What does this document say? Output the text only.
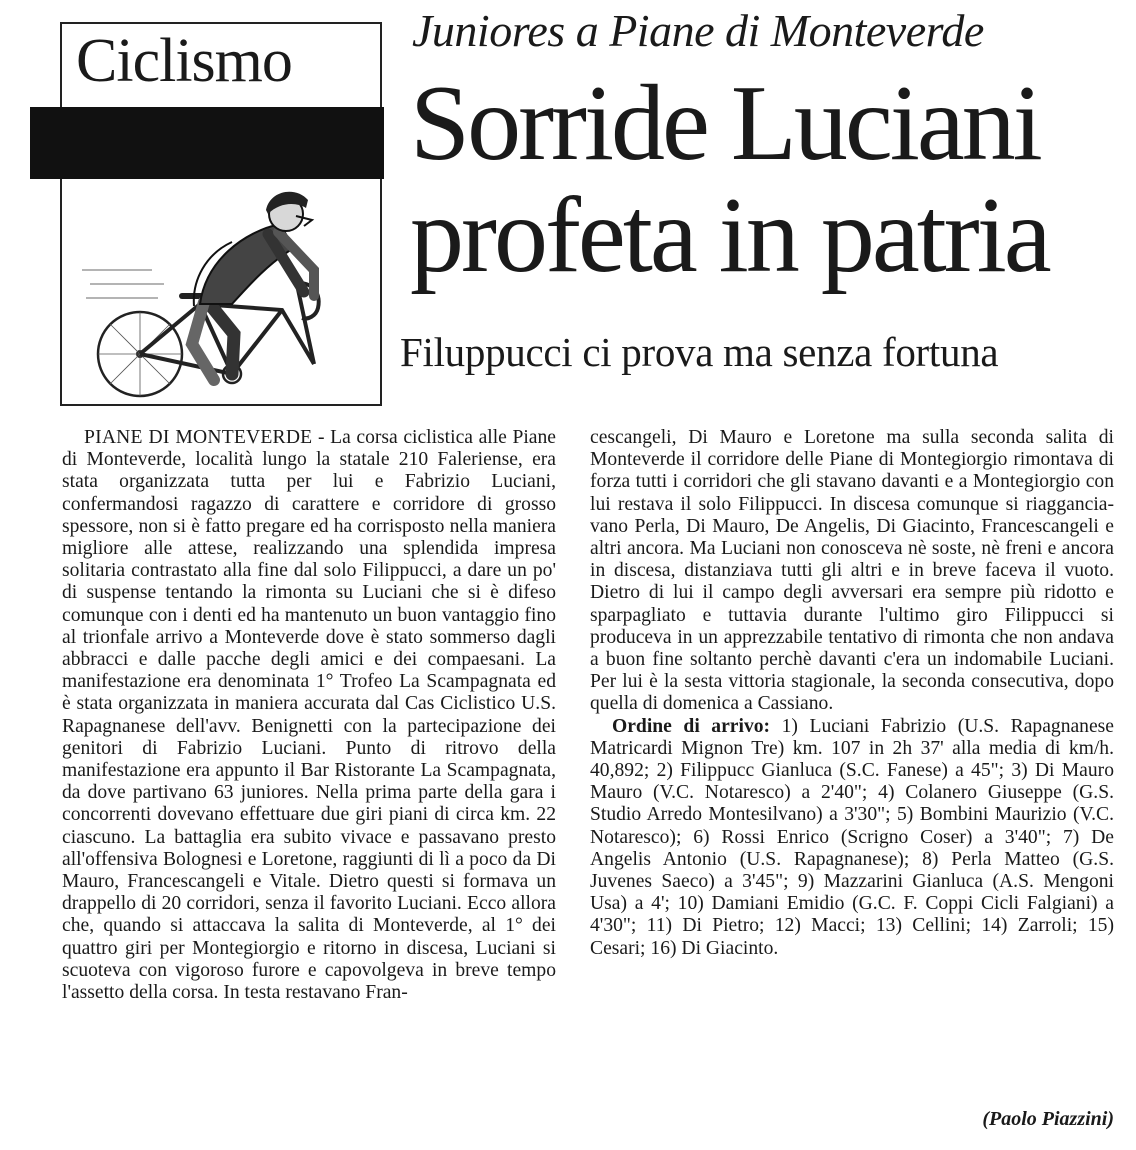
Ciclismo	Juniores a Piane di Monteverde
Sorride Luciani
profeta in patria
Filuppucci ci prova ma senza fortuna

PIANE DI MONTEVERDE - La corsa ciclistica alle Piane di Monteverde, località lungo la statale 210 Faleriense, era stata organizzata tutta per lui e Fabrizio Luciani, confermandosi ragazzo di carattere e corridore di grosso spessore, non si è fatto pregare ed ha corrisposto nella maniera migliore alle attese, realizzando una splendida impresa solitaria contrastato alla fine dal solo Filippucci, a dare un po' di suspense tentando la rimonta su Luciani che si è difeso comunque con i denti ed ha mantenuto un buon vantaggio fino al trionfale arrivo a Monteverde dove è stato sommerso dagli abbracci e dalle pacche degli amici e dei compaesani. La manifestazione era denominata 1° Trofeo La Scampagnata ed è stata organizzata in maniera accurata dal Cas Ciclistico U.S. Rapagnanese dell'avv. Benignetti con la partecipazione dei genitori di Fabrizio Luciani. Punto di ritrovo della manifestazione era appunto il Bar Ristorante La Scampagnata, da dove partivano 63 juniores. Nella prima parte della gara i concorrenti dovevano effettuare due giri piani di circa km. 22 ciascuno. La battaglia era subito vivace e passavano presto all'offensiva Bolognesi e Loretone, raggiunti di lì a poco da Di Mauro, Francescangeli e Vitale. Dietro questi si formava un drappello di 20 corridori, senza il favorito Luciani. Ecco allora che, quando si attaccava la salita di Monteverde, al 1° dei quattro giri per Montegiorgio e ritorno in discesa, Luciani si scuoteva con vigoroso furore e capovolgeva in breve tempo l'assetto della corsa. In testa restavano Fran-

cescangeli, Di Mauro e Loretone ma sulla seconda salita di Monteverde il corridore delle Piane di Montegiorgio rimontava di forza tutti i corridori che gli stavano davanti e a Montegiorgio con lui restava il solo Filippucci. In discesa comunque si riagganciavano Perla, Di Mauro, De Angelis, Di Giacinto, Francescangeli e altri ancora. Ma Luciani non conosceva nè soste, nè freni e ancora in discesa, distanziava tutti gli altri e in breve faceva il vuoto. Dietro di lui il campo degli avversari era sempre più ridotto e sparpagliato e tuttavia durante l'ultimo giro Filippucci si produceva in un apprezzabile tentativo di rimonta che non andava a buon fine soltanto perchè davanti c'era un indomabile Luciani. Per lui è la sesta vittoria stagionale, la seconda consecutiva, dopo quella di domenica a Cassiano.

Ordine di arrivo: 1) Luciani Fabrizio (U.S. Rapagnanese Matricardi Mignon Tre) km. 107 in 2h 37' alla media di km/h. 40,892; 2) Filippucc Gianluca (S.C. Fanese) a 45"; 3) Di Mauro Mauro (V.C. Notaresco) a 2'40"; 4) Colanero Giuseppe (G.S. Studio Arredo Montesilvano) a 3'30"; 5) Bombini Maurizio (V.C. Notaresco); 6) Rossi Enrico (Scrigno Coser) a 3'40"; 7) De Angelis Antonio (U.S. Rapagnanese); 8) Perla Matteo (G.S. Juvenes Saeco) a 3'45"; 9) Mazzarini Gianluca (A.S. Mengoni Usa) a 4'; 10) Damiani Emidio (G.C. F. Coppi Cicli Falgiani) a 4'30"; 11) Di Pietro; 12) Macci; 13) Cellini; 14) Zarroli; 15) Cesari; 16) Di Giacinto.

(Paolo Piazzini)
